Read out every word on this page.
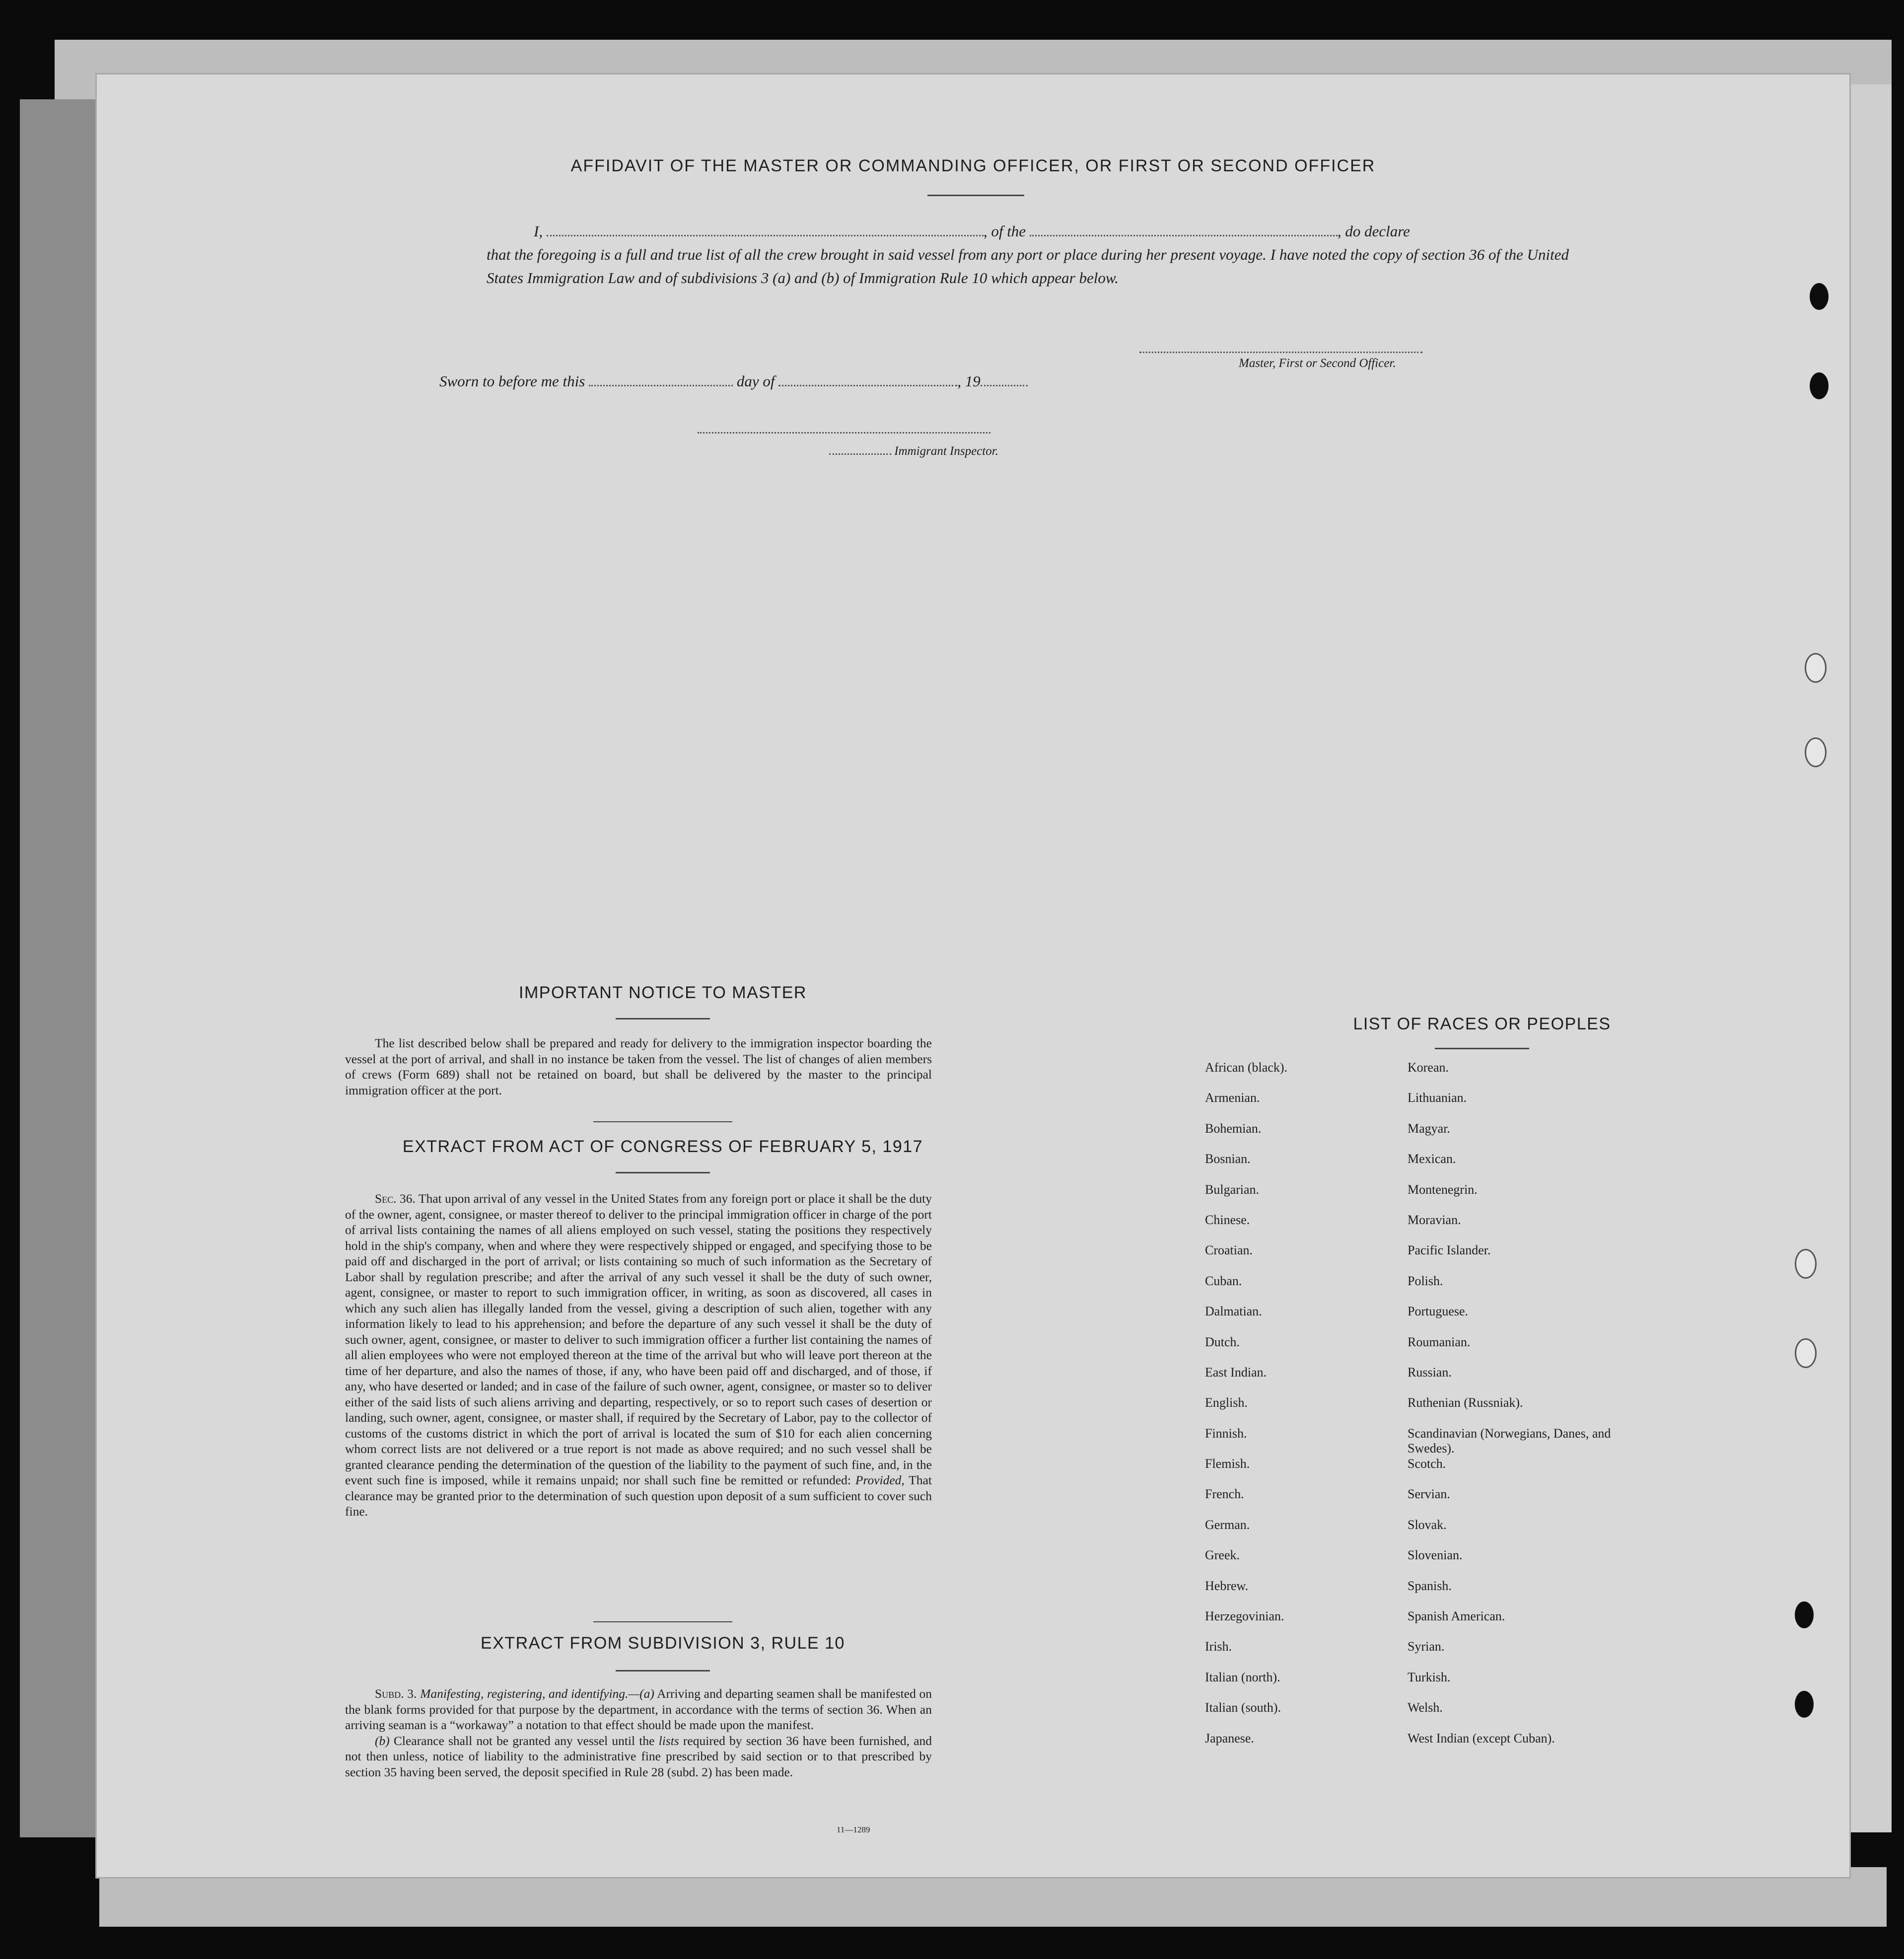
AFFIDAVIT OF THE MASTER OR COMMANDING OFFICER, OR FIRST OR SECOND OFFICER
I,	, of the	, do declare
that the foregoing is a full and true list of all the crew brought in said vessel from any port or place during her present voyage. I have noted the copy of section 36 of the United States Immigration Law and of subdivisions 3 (a) and (b) of Immigration Rule 10 which appear below.
Master, First or Second Officer.
Sworn to before me this	day of	, 19
Immigrant Inspector.
IMPORTANT NOTICE TO MASTER

The list described below shall be prepared and ready for delivery to the immigration inspector boarding the vessel at the port of arrival, and shall in no instance be taken from the vessel. The list of changes of alien members of crews (Form 689) shall not be retained on board, but shall be delivered by the master to the principal immigration officer at the port.

EXTRACT FROM ACT OF CONGRESS OF FEBRUARY 5, 1917

Sec. 36. That upon arrival of any vessel in the United States from any foreign port or place it shall be the duty of the owner, agent, consignee, or master thereof to deliver to the principal immigration officer in charge of the port of arrival lists containing the names of all aliens employed on such vessel, stating the positions they respectively hold in the ship's company, when and where they were respectively shipped or engaged, and specifying those to be paid off and discharged in the port of arrival; or lists containing so much of such information as the Secretary of Labor shall by regulation prescribe; and after the arrival of any such vessel it shall be the duty of such owner, agent, consignee, or master to report to such immigration officer, in writing, as soon as discovered, all cases in which any such alien has illegally landed from the vessel, giving a description of such alien, together with any information likely to lead to his apprehension; and before the departure of any such vessel it shall be the duty of such owner, agent, consignee, or master to deliver to such immigration officer a further list containing the names of all alien employees who were not employed thereon at the time of the arrival but who will leave port thereon at the time of her departure, and also the names of those, if any, who have been paid off and discharged, and of those, if any, who have deserted or landed; and in case of the failure of such owner, agent, consignee, or master so to deliver either of the said lists of such aliens arriving and departing, respectively, or so to report such cases of desertion or landing, such owner, agent, consignee, or master shall, if required by the Secretary of Labor, pay to the collector of customs of the customs district in which the port of arrival is located the sum of $10 for each alien concerning whom correct lists are not delivered or a true report is not made as above required; and no such vessel shall be granted clearance pending the determination of the question of the liability to the payment of such fine, and, in the event such fine is imposed, while it remains unpaid; nor shall such fine be remitted or refunded: Provided, That clearance may be granted prior to the determination of such question upon deposit of a sum sufficient to cover such fine.

EXTRACT FROM SUBDIVISION 3, RULE 10

Subd. 3. Manifesting, registering, and identifying.—(a) Arriving and departing seamen shall be manifested on the blank forms provided for that purpose by the department, in accordance with the terms of section 36. When an arriving seaman is a “workaway” a notation to that effect should be made upon the manifest.

(b) Clearance shall not be granted any vessel until the lists required by section 36 have been furnished, and not then unless, notice of liability to the administrative fine prescribed by said section or to that prescribed by section 35 having been served, the deposit specified in Rule 28 (subd. 2) has been made.

11—1289
LIST OF RACES OR PEOPLES
African (black).
Armenian.
Bohemian.
Bosnian.
Bulgarian.
Chinese.
Croatian.
Cuban.
Dalmatian.
Dutch.
East Indian.
English.
Finnish.
Flemish.
French.
German.
Greek.
Hebrew.
Herzegovinian.
Irish.
Italian (north).
Italian (south).
Japanese.
Korean.
Lithuanian.
Magyar.
Mexican.
Montenegrin.
Moravian.
Pacific Islander.
Polish.
Portuguese.
Roumanian.
Russian.
Ruthenian (Russniak).
Scandinavian (Norwegians, Danes, and Swedes).
Scotch.
Servian.
Slovak.
Slovenian.
Spanish.
Spanish American.
Syrian.
Turkish.
Welsh.
West Indian (except Cuban).
